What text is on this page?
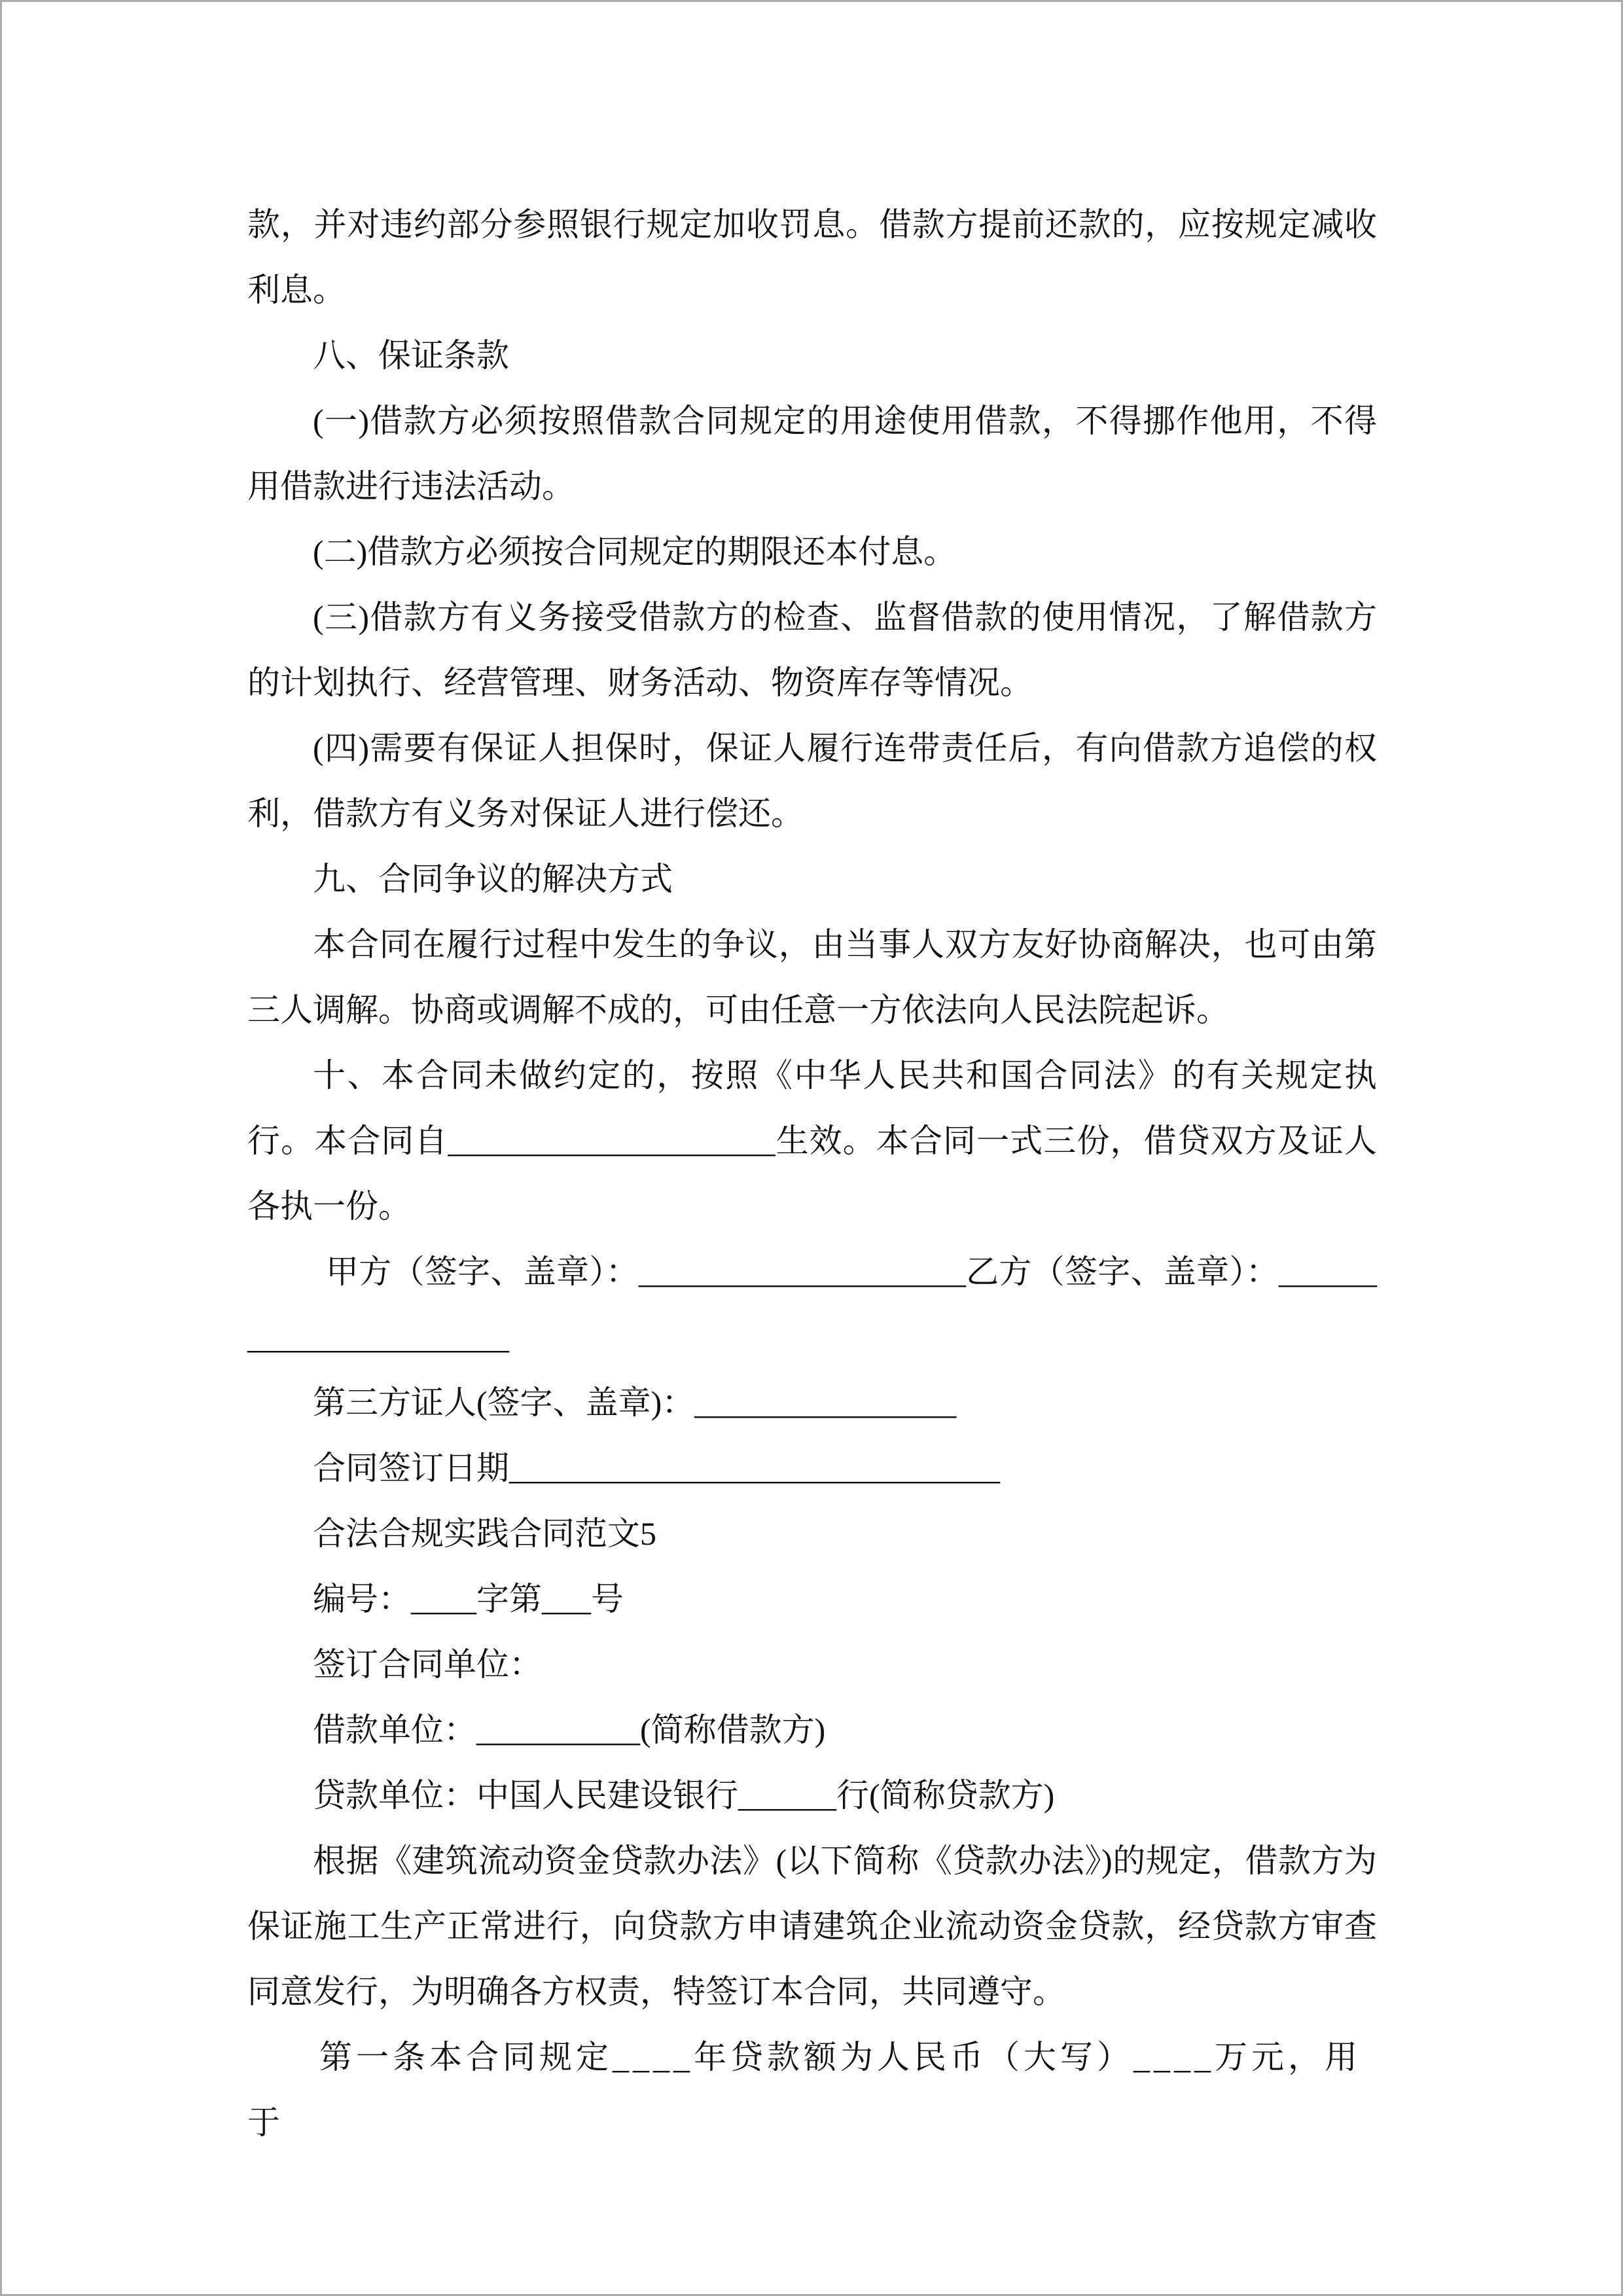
款，并对违约部分参照银行规定加收罚息。借款方提前还款的，应按规定减收利息。

八、保证条款

(一)借款方必须按照借款合同规定的用途使用借款，不得挪作他用，不得用借款进行违法活动。

(二)借款方必须按合同规定的期限还本付息。

(三)借款方有义务接受借款方的检查、监督借款的使用情况，了解借款方的计划执行、经营管理、财务活动、物资库存等情况。

(四)需要有保证人担保时，保证人履行连带责任后，有向借款方追偿的权利，借款方有义务对保证人进行偿还。

九、合同争议的解决方式

本合同在履行过程中发生的争议，由当事人双方友好协商解决，也可由第三人调解。协商或调解不成的，可由任意一方依法向人民法院起诉。

十、本合同未做约定的，按照《中华人民共和国合同法》的有关规定执行。本合同自____________________生效。本合同一式三份，借贷双方及证人各执一份。

甲方（签字、盖章）：____________________乙方（签字、盖章）：______________________

第三方证人(签字、盖章)：________________

合同签订日期______________________________

合法合规实践合同范文5

编号：____字第___号

签订合同单位：

借款单位：__________(简称借款方)

贷款单位：中国人民建设银行______行(简称贷款方)

根据《建筑流动资金贷款办法》(以下简称《贷款办法》)的规定，借款方为保证施工生产正常进行，向贷款方申请建筑企业流动资金贷款，经贷款方审查同意发行，为明确各方权责，特签订本合同，共同遵守。

第一条本合同规定____年贷款额为人民币（大写）____万元，用于
